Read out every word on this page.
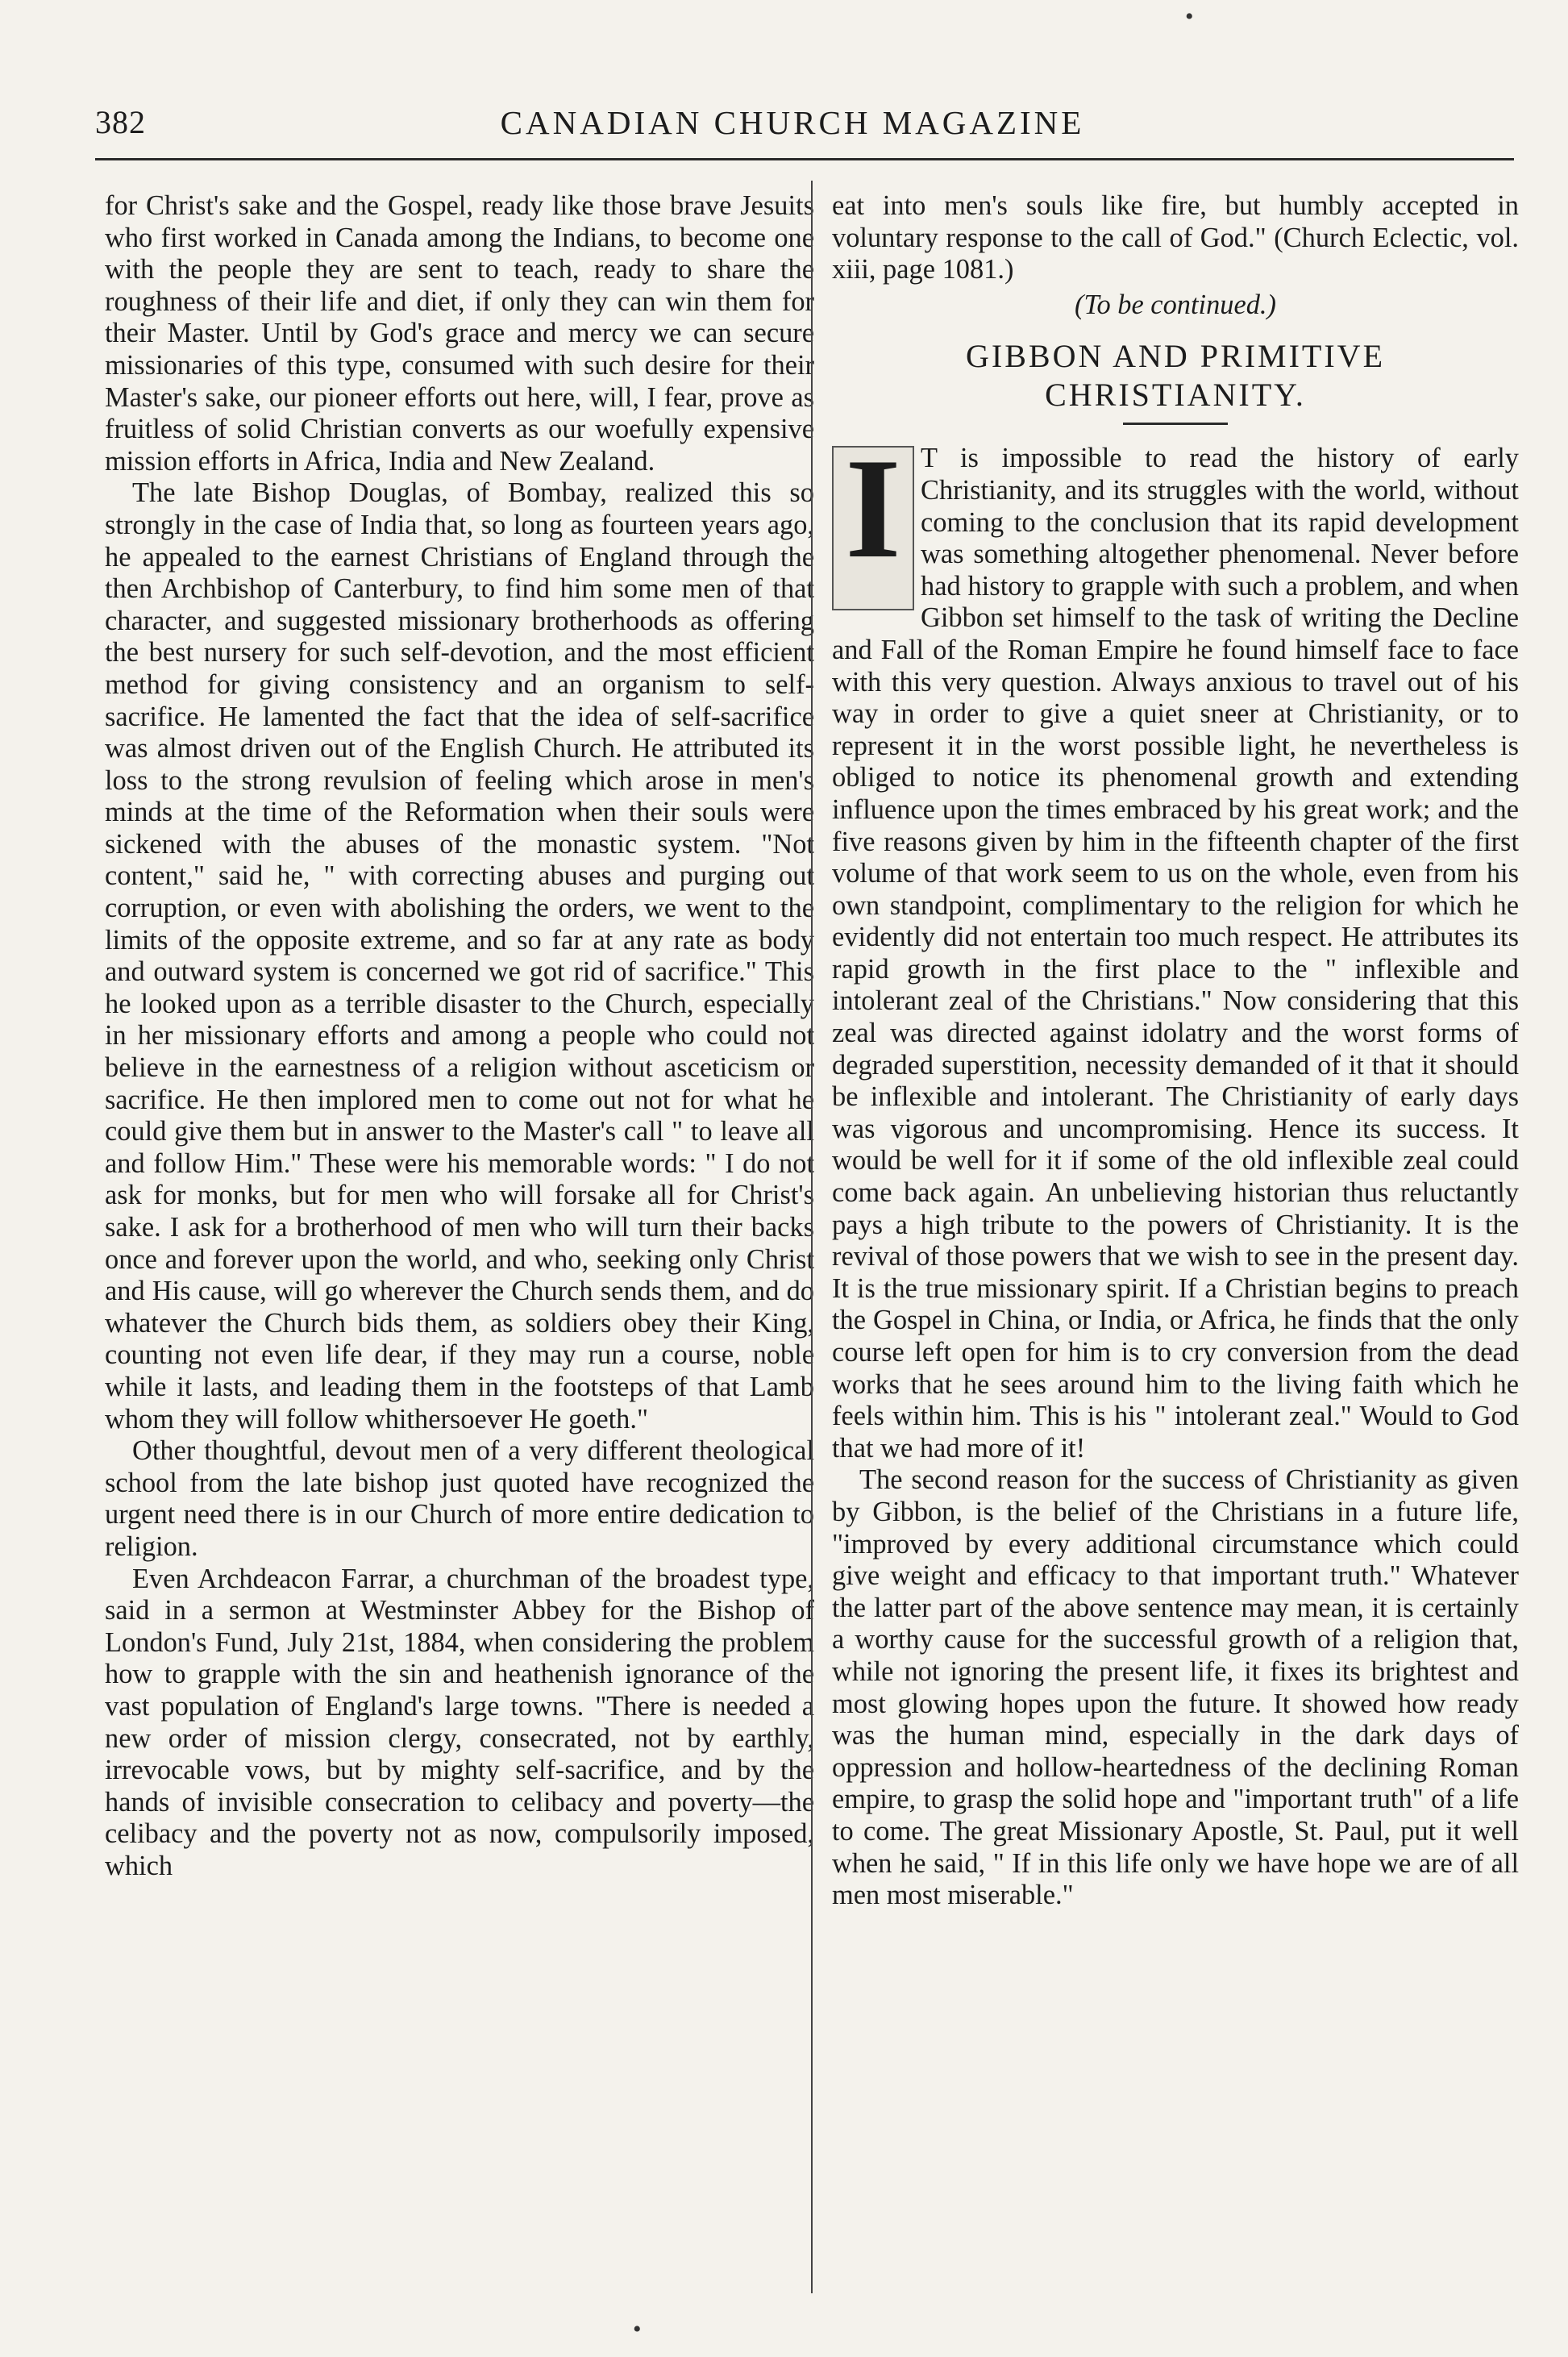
•
382	CANADIAN CHURCH MAGAZINE

for Christ's sake and the Gospel, ready like those brave Jesuits who first worked in Canada among the Indians, to become one with the people they are sent to teach, ready to share the roughness of their life and diet, if only they can win them for their Master. Until by God's grace and mercy we can secure missionaries of this type, consumed with such desire for their Master's sake, our pioneer efforts out here, will, I fear, prove as fruitless of solid Christian converts as our woefully expensive mission efforts in Africa, India and New Zealand.

The late Bishop Douglas, of Bombay, realized this so strongly in the case of India that, so long as fourteen years ago, he appealed to the earnest Christians of England through the then Archbishop of Canterbury, to find him some men of that character, and suggested missionary brotherhoods as offering the best nursery for such self-devotion, and the most efficient method for giving consistency and an organism to self-sacrifice. He lamented the fact that the idea of self-sacrifice was almost driven out of the English Church. He attributed its loss to the strong revulsion of feeling which arose in men's minds at the time of the Reformation when their souls were sickened with the abuses of the monastic system. "Not content," said he, " with correcting abuses and purging out corruption, or even with abolishing the orders, we went to the limits of the opposite extreme, and so far at any rate as body and outward system is concerned we got rid of sacrifice." This he looked upon as a terrible disaster to the Church, especially in her missionary efforts and among a people who could not believe in the earnestness of a religion without asceticism or sacrifice. He then implored men to come out not for what he could give them but in answer to the Master's call " to leave all and follow Him." These were his memorable words: " I do not ask for monks, but for men who will forsake all for Christ's sake. I ask for a brotherhood of men who will turn their backs once and forever upon the world, and who, seeking only Christ and His cause, will go wherever the Church sends them, and do whatever the Church bids them, as soldiers obey their King, counting not even life dear, if they may run a course, noble while it lasts, and leading them in the footsteps of that Lamb whom they will follow whithersoever He goeth."

Other thoughtful, devout men of a very different theological school from the late bishop just quoted have recognized the urgent need there is in our Church of more entire dedication to religion.

Even Archdeacon Farrar, a churchman of the broadest type, said in a sermon at Westminster Abbey for the Bishop of London's Fund, July 21st, 1884, when considering the problem how to grapple with the sin and heathenish ignorance of the vast population of England's large towns. "There is needed a new order of mission clergy, consecrated, not by earthly, irrevocable vows, but by mighty self-sacrifice, and by the hands of invisible consecration to celibacy and poverty—the celibacy and the poverty not as now, compulsorily imposed, which

eat into men's souls like fire, but humbly accepted in voluntary response to the call of God." (Church Eclectic, vol. xiii, page 1081.)

(To be continued.)
GIBBON AND PRIMITIVE CHRISTIANITY.
I T is impossible to read the history of early Christianity, and its struggles with the world, without coming to the conclusion that its rapid development was something altogether phenomenal. Never before had history to grapple with such a problem, and when Gibbon set himself to the task of writing the Decline and Fall of the Roman Empire he found himself face to face with this very question. Always anxious to travel out of his way in order to give a quiet sneer at Christianity, or to represent it in the worst possible light, he nevertheless is obliged to notice its phenomenal growth and extending influence upon the times embraced by his great work; and the five reasons given by him in the fifteenth chapter of the first volume of that work seem to us on the whole, even from his own standpoint, complimentary to the religion for which he evidently did not entertain too much respect. He attributes its rapid growth in the first place to the " inflexible and intolerant zeal of the Christians." Now considering that this zeal was directed against idolatry and the worst forms of degraded superstition, necessity demanded of it that it should be inflexible and intolerant. The Christianity of early days was vigorous and uncompromising. Hence its success. It would be well for it if some of the old inflexible zeal could come back again. An unbelieving historian thus reluctantly pays a high tribute to the powers of Christianity. It is the revival of those powers that we wish to see in the present day. It is the true missionary spirit. If a Christian begins to preach the Gospel in China, or India, or Africa, he finds that the only course left open for him is to cry conversion from the dead works that he sees around him to the living faith which he feels within him. This is his " intolerant zeal." Would to God that we had more of it!

The second reason for the success of Christianity as given by Gibbon, is the belief of the Christians in a future life, "improved by every additional circumstance which could give weight and efficacy to that important truth." Whatever the latter part of the above sentence may mean, it is certainly a worthy cause for the successful growth of a religion that, while not ignoring the present life, it fixes its brightest and most glowing hopes upon the future. It showed how ready was the human mind, especially in the dark days of oppression and hollow-heartedness of the declining Roman empire, to grasp the solid hope and "important truth" of a life to come. The great Missionary Apostle, St. Paul, put it well when he said, " If in this life only we have hope we are of all men most miserable."

•
